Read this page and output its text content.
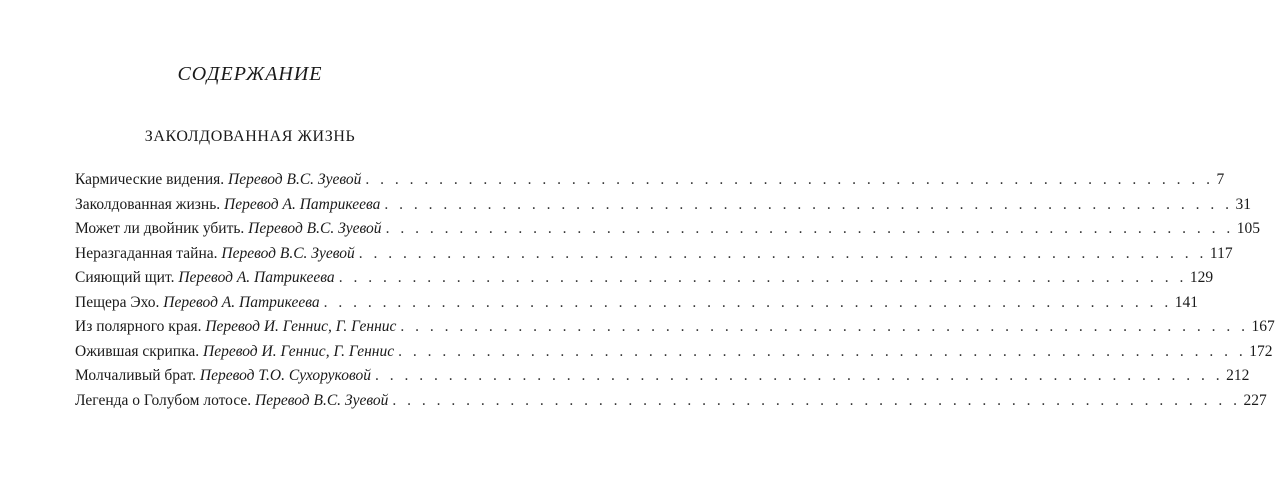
СОДЕРЖАНИЕ
ЗАКОЛДОВАННАЯ ЖИЗНЬ
Кармические видения.
Перевод В.С. Зуевой . . . . . . . . . . . . . . . . . . . . . . . . . . . . . . . . . . . . . . . . . . . . . . . . . . . . . . . . . . 7
Заколдованная жизнь.
Перевод А. Патрикеева . . . . . . . . . . . . . . . . . . . . . . . . . . . . . . . . . . . . . . . . . . . . . . . . . . . . . . . . . . 31
Может ли двойник убить.
Перевод В.С. Зуевой . . . . . . . . . . . . . . . . . . . . . . . . . . . . . . . . . . . . . . . . . . . . . . . . . . . . . . . . . . 105
Неразгаданная тайна.
Перевод В.С. Зуевой . . . . . . . . . . . . . . . . . . . . . . . . . . . . . . . . . . . . . . . . . . . . . . . . . . . . . . . . . . 117
Сияющий щит.
Перевод А. Патрикеева . . . . . . . . . . . . . . . . . . . . . . . . . . . . . . . . . . . . . . . . . . . . . . . . . . . . . . . . . . 129
Пещера Эхо.
Перевод А. Патрикеева . . . . . . . . . . . . . . . . . . . . . . . . . . . . . . . . . . . . . . . . . . . . . . . . . . . . . . . . . . 141
Из полярного края.
Перевод И. Геннис, Г. Геннис . . . . . . . . . . . . . . . . . . . . . . . . . . . . . . . . . . . . . . . . . . . . . . . . . . . . . . . . . . 167
Ожившая скрипка.
Перевод И. Геннис, Г. Геннис . . . . . . . . . . . . . . . . . . . . . . . . . . . . . . . . . . . . . . . . . . . . . . . . . . . . . . . . . . 172
Молчаливый брат.
Перевод Т.О. Сухоруковой . . . . . . . . . . . . . . . . . . . . . . . . . . . . . . . . . . . . . . . . . . . . . . . . . . . . . . . . . . 212
Легенда о Голубом лотосе.
Перевод В.С. Зуевой . . . . . . . . . . . . . . . . . . . . . . . . . . . . . . . . . . . . . . . . . . . . . . . . . . . . . . . . . . 227
